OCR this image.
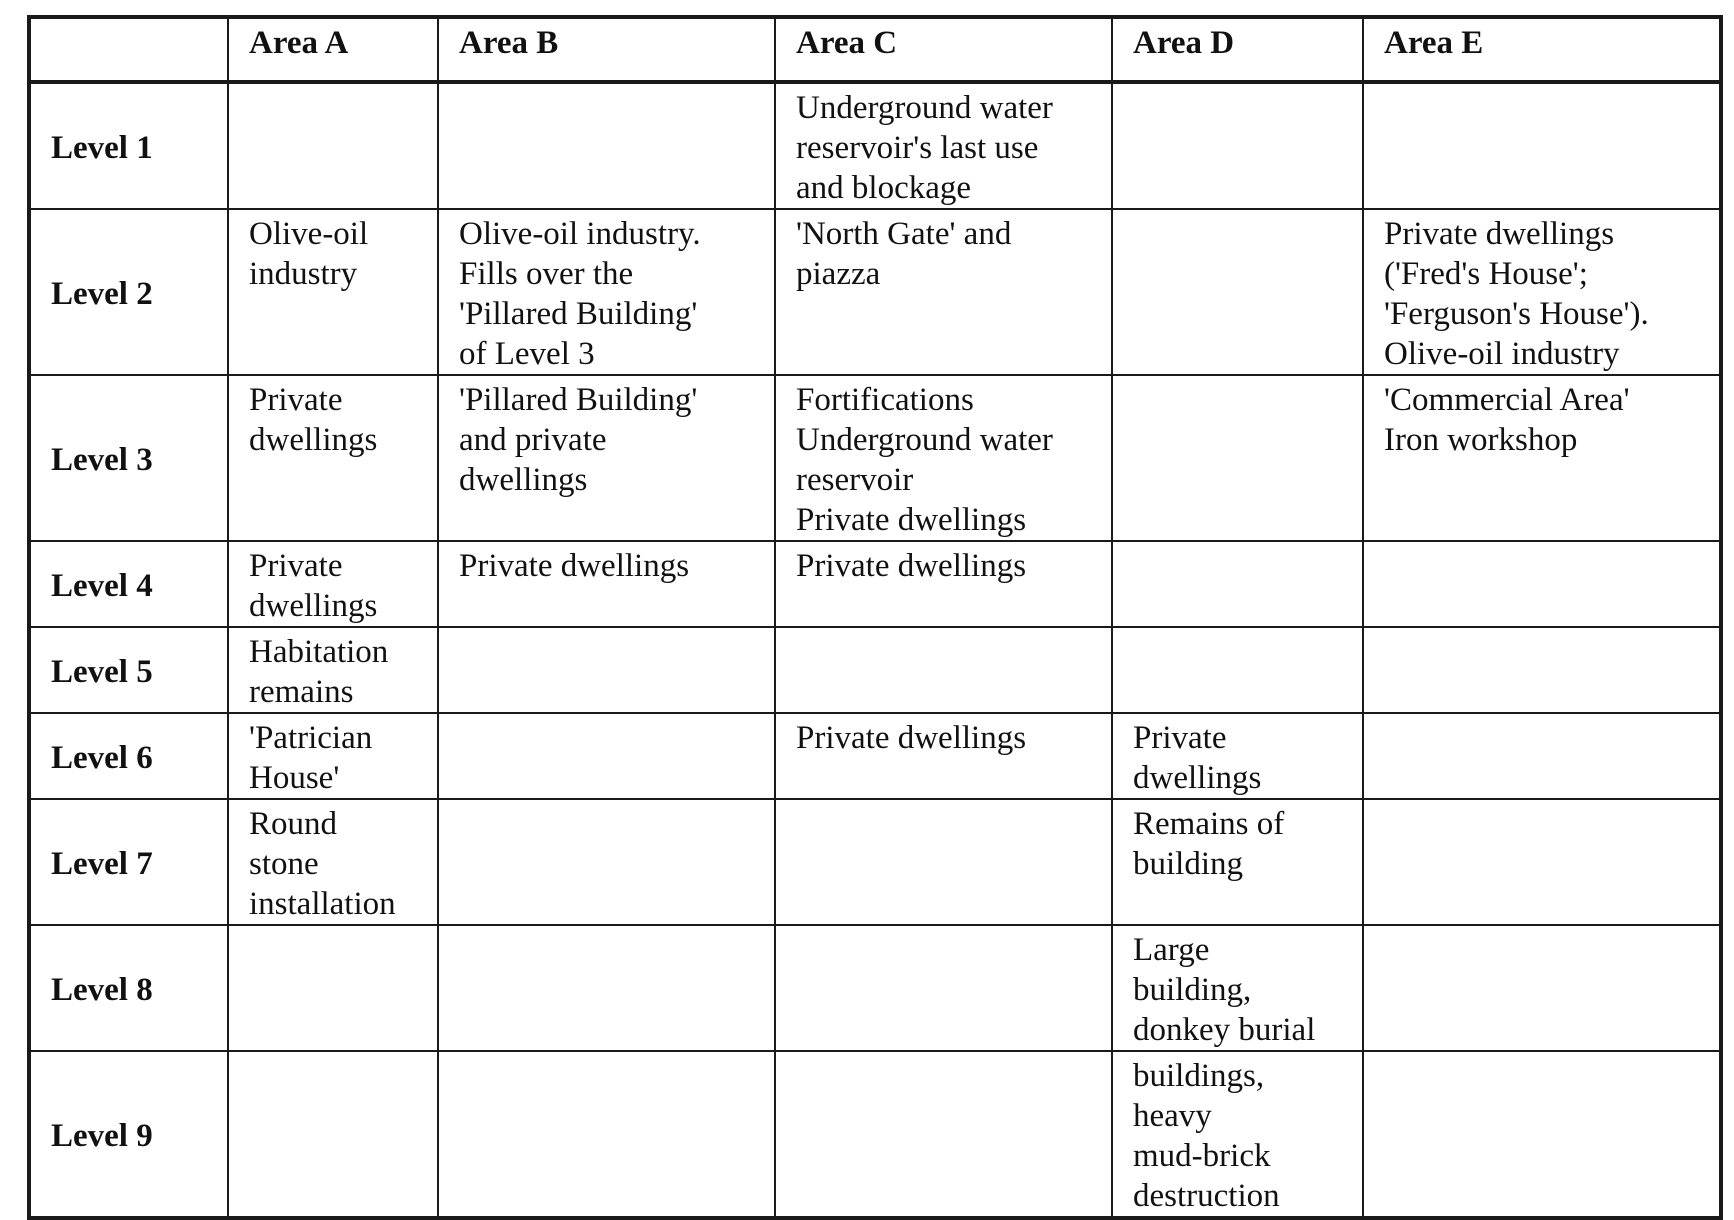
	Area A	Area B	Area C	Area D	Area E
Level 1			Underground water
reservoir's last use
and blockage		
Level 2	Olive-oil
industry	Olive-oil industry.
Fills over the
'Pillared Building'
of Level 3	'North Gate' and
piazza		Private dwellings
('Fred's House';
'Ferguson's House').
Olive-oil industry
Level 3	Private
dwellings	'Pillared Building'
and private
dwellings	Fortifications
Underground water
reservoir
Private dwellings		'Commercial Area'
Iron workshop
Level 4	Private
dwellings	Private dwellings	Private dwellings		
Level 5	Habitation
remains				
Level 6	'Patrician
House'		Private dwellings	Private
dwellings	
Level 7	Round
stone
installation			Remains of
building	
Level 8				Large
building,
donkey burial	
Level 9				buildings,
heavy
mud-brick
destruction	
